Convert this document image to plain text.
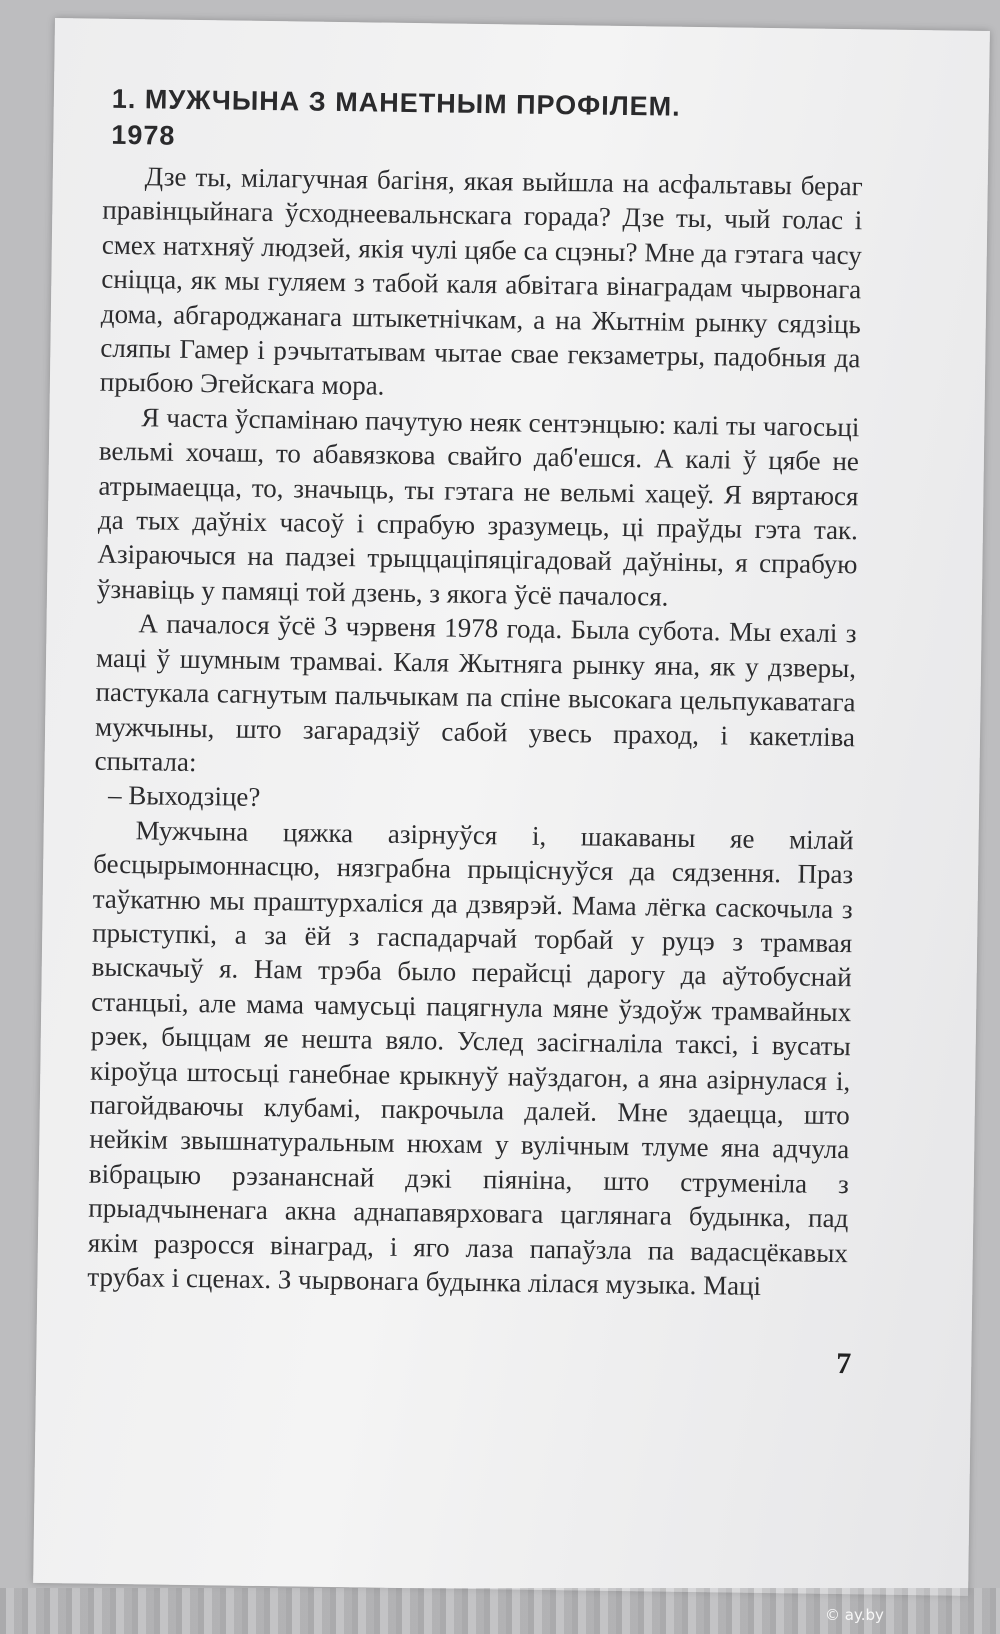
1. МУЖЧЫНА З МАНЕТНЫМ ПРОФІЛЕМ.
1978

Дзе ты, мілагучная багіня, якая выйшла на асфальтавы бераг правінцыйнага ўсходнеевальнскага горада? Дзе ты, чый голас і смех натхняў людзей, якія чулі цябе са сцэны? Мне да гэтага часу сніцца, як мы гуляем з табой каля абвітага вінаградам чырвонага дома, абгароджанага штыкетнічкам, а на Жытнім рынку сядзіць сляпы Гамер і рэчытатывам чытае свае гекзаметры, падобныя да прыбою Эгейскага мора.

Я часта ўспамінаю пачутую неяк сентэнцыю: калі ты чагосьці вельмі хочаш, то абавязкова свайго даб'ешся. А калі ў цябе не атрымаецца, то, значыць, ты гэтага не вельмі хацеў. Я вяртаюся да тых даўніх часоў і спрабую зразумець, ці праўды гэта так. Азіраючыся на падзеі трыццаціпяцігадовай даўніны, я спрабую ўзнавіць у памяці той дзень, з якога ўсё пачалося.

А пачалося ўсё 3 чэрвеня 1978 года. Была субота. Мы ехалі з маці ў шумным трамваі. Каля Жытняга рынку яна, як у дзверы, пастукала сагнутым пальчыкам па спіне высокага цельпукаватага мужчыны, што загарадзіў сабой увесь праход, і какетліва спытала:

– Выходзіце?

Мужчына цяжка азірнуўся і, шакаваны яе мілай бесцырымоннасцю, нязграбна прыціснуўся да сядзення. Праз таўкатню мы праштурхаліся да дзвярэй. Мама лёгка саскочыла з прыступкі, а за ёй з гаспадарчай торбай у руцэ з трамвая выскачыў я. Нам трэба было перайсці дарогу да аўтобуснай станцыі, але мама чамусьці пацягнула мяне ўздоўж трамвайных рэек, быццам яе нешта вяло. Услед засігналіла таксі, і вусаты кіроўца штосьці ганебнае крыкнуў наўздагон, а яна азірнулася і, пагойдваючы клубамі, пакрочыла далей. Мне здаецца, што нейкім звышнатуральным нюхам у вулічным тлуме яна адчула вібрацыю рэзананснай дэкі піяніна, што струменіла з прыадчыненага акна аднапавярховага цаглянага будынка, пад якім разросся вінаград, і яго лаза папаўзла па вадасцёкавых трубах і сценах. З чырвонага будынка лілася музыка. Маці

7
© ay.by
